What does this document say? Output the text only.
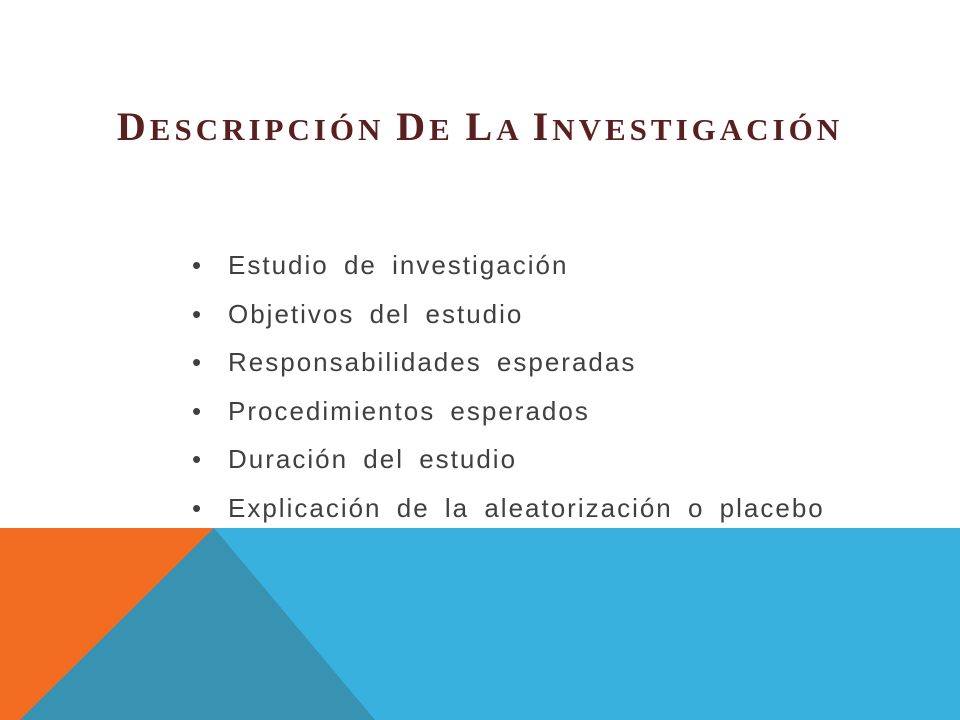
DESCRIPCIÓN DE LA INVESTIGACIÓN
• Estudio de investigación
• Objetivos del estudio
• Responsabilidades esperadas
• Procedimientos esperados
• Duración del estudio
• Explicación de la aleatorización o placebo
